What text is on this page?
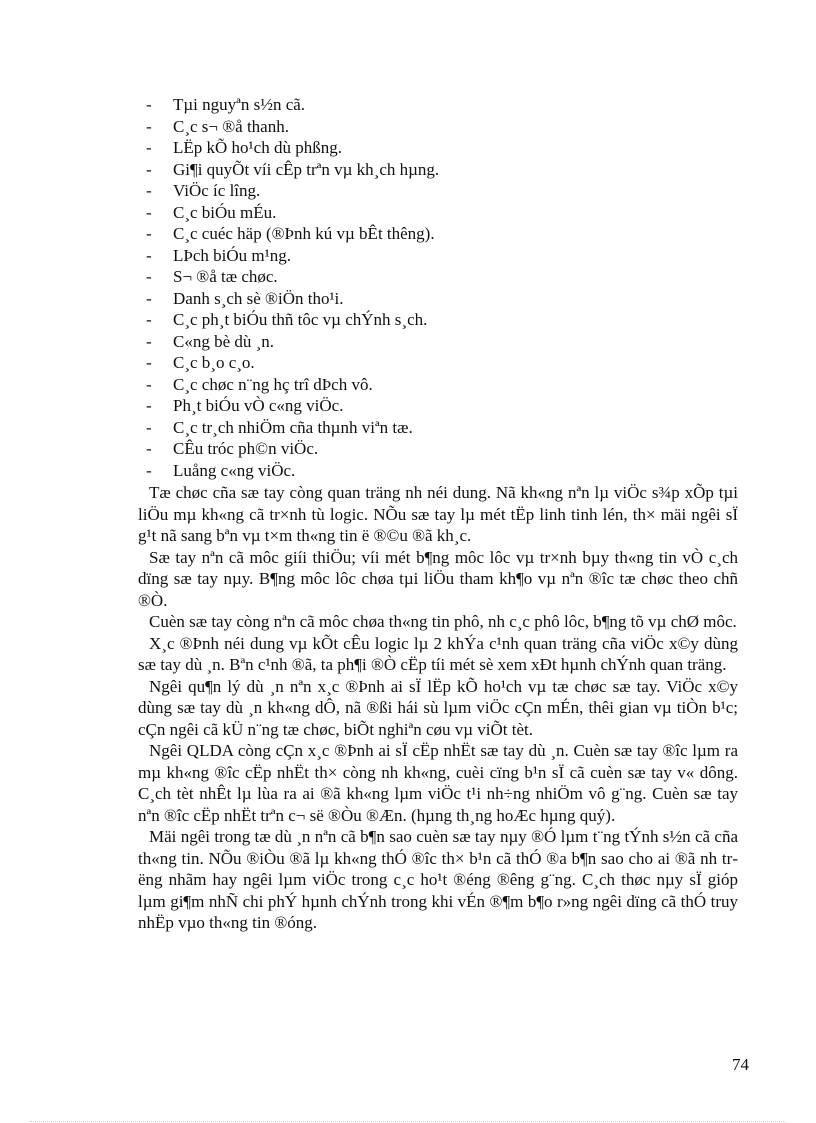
-	Tµi nguyªn s½n cã.
-	C¸c s¬ ®å thanh.
-	LËp kÕ ho¹ch dù phßng.
-	Gi¶i quyÕt víi cÊp trªn vµ kh¸ch hµng.
-	ViÖc íc lîng.
-	C¸c biÓu mÉu.
-	C¸c cuéc häp (®Þnh kú vµ bÊt thêng).
-	LÞch biÓu m¹ng.
-	S¬ ®å tæ chøc.
-	Danh s¸ch sè ®iÖn tho¹i.
-	C¸c ph¸t biÓu thñ tôc vµ chÝnh s¸ch.
-	C«ng bè dù ¸n.
-	C¸c b¸o c¸o.
-	C¸c chøc n¨ng hç trî dÞch vô.
-	Ph¸t biÓu vÒ c«ng viÖc.
-	C¸c tr¸ch nhiÖm cña thµnh viªn tæ.
-	CÊu tróc ph©n viÖc.
-	Luång c«ng viÖc.

Tæ chøc cña sæ tay còng quan träng nh néi dung. Nã kh«ng nªn lµ viÖc s¾p xÕp tµi liÖu mµ kh«ng cã tr×nh tù logic. NÕu sæ tay lµ mét tËp linh tinh lén, th× mäi ngêi sÏ g¹t nã sang bªn vµ t×m th«ng tin ë ®©u ®ã kh¸c.

Sæ tay nªn cã môc giíi thiÖu; víi mét b¶ng môc lôc vµ tr×nh bµy th«ng tin vÒ c¸ch dïng sæ tay nµy. B¶ng môc lôc chøa tµi liÖu tham kh¶o vµ nªn ®îc tæ chøc theo chñ ®Ò.

Cuèn sæ tay còng nªn cã môc chøa th«ng tin phô, nh c¸c phô lôc, b¶ng tõ vµ chØ môc.

X¸c ®Þnh néi dung vµ kÕt cÊu logic lµ 2 khÝa c¹nh quan träng cña viÖc x©y dùng sæ tay dù ¸n. Bªn c¹nh ®ã, ta ph¶i ®Ò cËp tíi mét sè xem xÐt hµnh chÝnh quan träng.

Ngêi qu¶n lý dù ¸n nªn x¸c ®Þnh ai sÏ lËp kÕ ho¹ch vµ tæ chøc sæ tay. ViÖc x©y dùng sæ tay dù ¸n kh«ng dÔ, nã ®ßi hái sù lµm viÖc cÇn mÉn, thêi gian vµ tiÒn b¹c; cÇn ngêi cã kÜ n¨ng tæ chøc, biÕt nghiªn cøu vµ viÕt tèt.

Ngêi QLDA còng cÇn x¸c ®Þnh ai sÏ cËp nhËt sæ tay dù ¸n. Cuèn sæ tay ®îc lµm ra mµ kh«ng ®îc cËp nhËt th× còng nh kh«ng, cuèi cïng b¹n sÏ cã cuèn sæ tay v« dông. C¸ch tèt nhÊt lµ lùa ra ai ®ã kh«ng lµm viÖc t¹i nh÷ng nhiÖm vô g¨ng. Cuèn sæ tay nªn ®îc cËp nhËt trªn c¬ së ®Òu ®Æn. (hµng th¸ng hoÆc hµng quý).

Mäi ngêi trong tæ dù ¸n nªn cã b¶n sao cuèn sæ tay nµy ®Ó lµm t¨ng tÝnh s½n cã cña th«ng tin. NÕu ®iÒu ®ã lµ kh«ng thÓ ®îc th× b¹n cã thÓ ®a b¶n sao cho ai ®ã nh trëng nhãm hay ngêi lµm viÖc trong c¸c ho¹t ®éng ®êng g¨ng. C¸ch thøc nµy sÏ gióp lµm gi¶m nhÑ chi phÝ hµnh chÝnh trong khi vÉn ®¶m b¶o r»ng ngêi dïng cã thÓ truy nhËp vµo th«ng tin ®óng.

74
